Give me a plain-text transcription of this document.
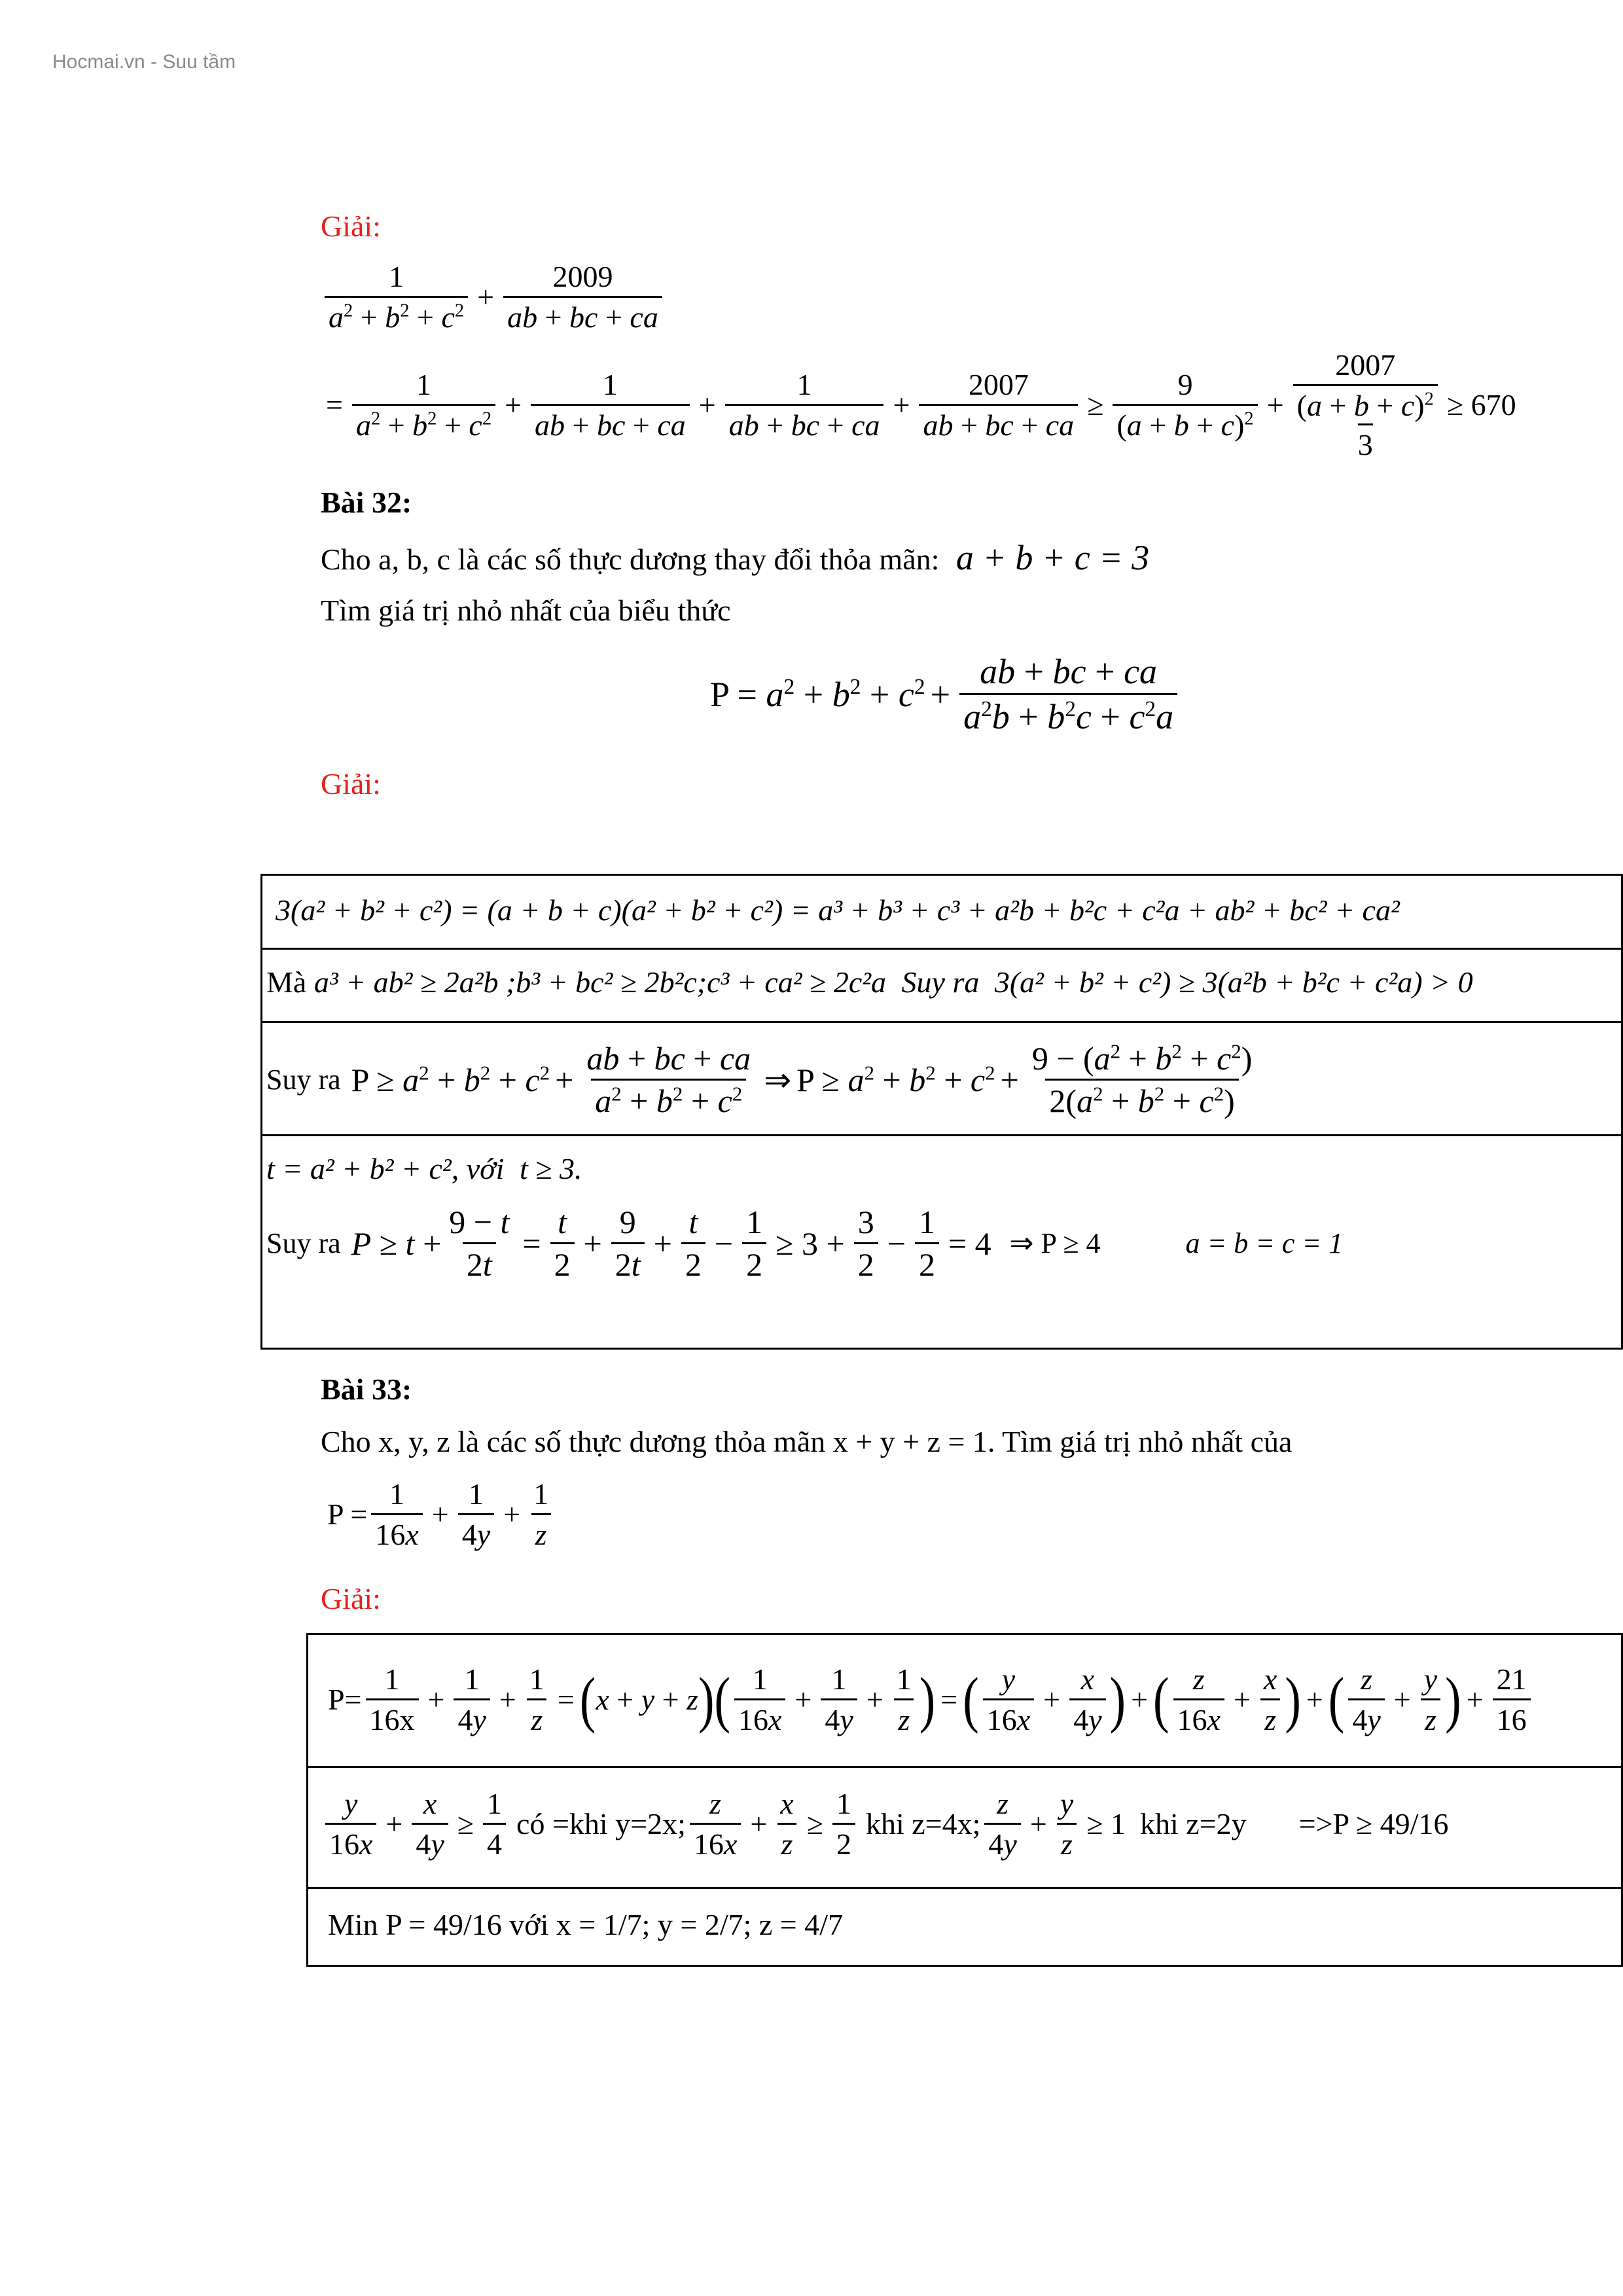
Hocmai.vn - Suu tầm
Giải:
$\frac{1}{a^2 + b^2 + c^2} + \frac{2009}{ab + bc + ca}$
= $\frac{1}{a^2 + b^2 + c^2} + \frac{1}{ab + bc + ca} + \frac{1}{ab + bc + ca} + \frac{2007}{ab + bc + ca} \ge \frac{9}{(a + b + c)^2} + \frac{2007}{\frac{(a + b + c)^2}{3}} \ge 670$
Bài 32:
Cho a, b, c là các số thực dương thay đổi thỏa mãn: a + b + c = 3
Tìm giá trị nhỏ nhất của biểu thức
$P = a^2 + b^2 + c^2 + \frac{ab + bc + ca}{a^2b + b^2c + c^2a}$
Giải:
3(a² + b² + c²) = (a + b + c)(a² + b² + c²) = a³ + b³ + c³ + a²b + b²c + c²a + ab² + bc² + ca²
Mà a³ + ab² ≥ 2a²b ;b³ + bc² ≥ 2b²c;c³ + ca² ≥ 2c²a Suy ra 3(a² + b² + c²) ≥ 3(a²b + b²c + c²a) > 0
Suy ra $P \ge a^2 + b^2 + c^2 + \frac{ab + bc + ca}{a^2 + b^2 + c^2}$ ⇒ $P \ge a^2 + b^2 + c^2 + \frac{9 - (a^2 + b^2 + c^2)}{2(a^2 + b^2 + c^2)}$
t = a² + b² + c², với t ≥ 3.
Suy ra $P \ge t + \frac{9 - t}{2t} = \frac{t}{2} + \frac{9}{2t} + \frac{t}{2} - \frac{1}{2} \ge 3 + \frac{3}{2} - \frac{1}{2} = 4$ ⇒ P ≥ 4	a = b = c = 1
Bài 33:
Cho x, y, z là các số thực dương thỏa mãn x + y + z = 1. Tìm giá trị nhỏ nhất của
$P = \frac{1}{16x} + \frac{1}{4y} + \frac{1}{z}$
Giải:
$P= \frac{1}{16x} + \frac{1}{4y} + \frac{1}{z}$ = ( x + y + z ) ( $\frac{1}{16x} + \frac{1}{4y} + \frac{1}{z}$ ) = ( $\frac{y}{16x} + \frac{x}{4y}$ ) + ( $\frac{z}{16x} + \frac{x}{z}$ ) + ( $\frac{z}{4y} + \frac{y}{z}$ ) + $\frac{21}{16}$
$\frac{y}{16x} + \frac{x}{4y} \ge \frac{1}{4}$ có =khi y=2x; $\frac{z}{16x} + \frac{x}{z} \ge \frac{1}{2}$ khi z=4x; $\frac{z}{4y} + \frac{y}{z} \ge 1$ khi z=2y =>P ≥ 49/16
Min P = 49/16 với x = 1/7; y = 2/7; z = 4/7
